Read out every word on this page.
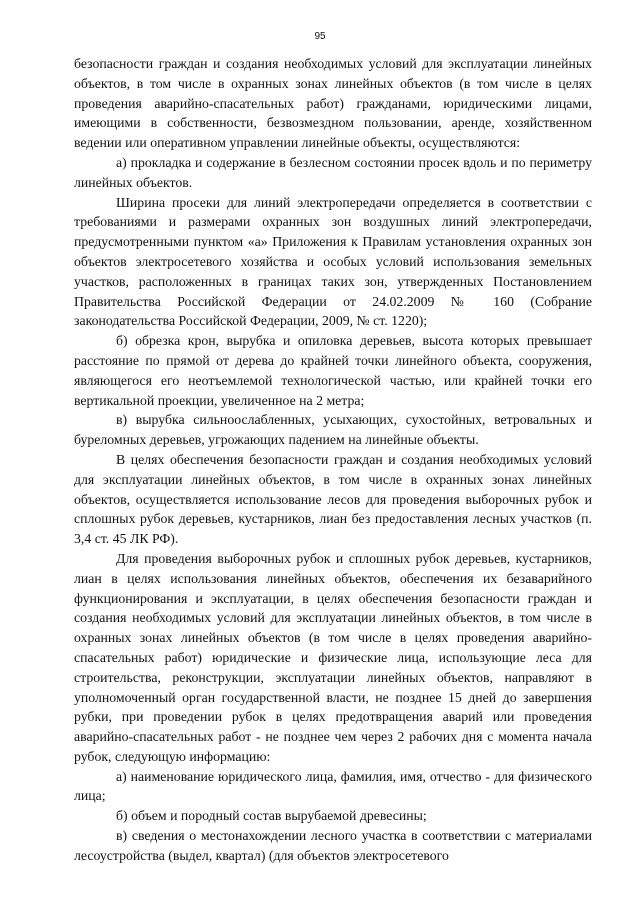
95

безопасности граждан и создания необходимых условий для эксплуатации линейных объектов, в том числе в охранных зонах линейных объектов (в том числе в целях проведения аварийно-спасательных работ) гражданами, юридическими лицами, имеющими в собственности, безвозмездном пользовании, аренде, хозяйственном ведении или оперативном управлении линейные объекты, осуществляются:

а) прокладка и содержание в безлесном состоянии просек вдоль и по периметру линейных объектов.

Ширина просеки для линий электропередачи определяется в соответствии с требованиями и размерами охранных зон воздушных линий электропередачи, предусмотренными пунктом «а» Приложения к Правилам установления охранных зон объектов электросетевого хозяйства и особых условий использования земельных участков, расположенных в границах таких зон, утвержденных Постановлением Правительства Российской Федерации от 24.02.2009 № 160 (Собрание законодательства Российской Федерации, 2009, № ст. 1220);

б) обрезка крон, вырубка и опиловка деревьев, высота которых превышает расстояние по прямой от дерева до крайней точки линейного объекта, сооружения, являющегося его неотъемлемой технологической частью, или крайней точки его вертикальной проекции, увеличенное на 2 метра;

в) вырубка сильноослабленных, усыхающих, сухостойных, ветровальных и буреломных деревьев, угрожающих падением на линейные объекты.

В целях обеспечения безопасности граждан и создания необходимых условий для эксплуатации линейных объектов, в том числе в охранных зонах линейных объектов, осуществляется использование лесов для проведения выборочных рубок и сплошных рубок деревьев, кустарников, лиан без предоставления лесных участков (п. 3,4 ст. 45 ЛК РФ).

Для проведения выборочных рубок и сплошных рубок деревьев, кустарников, лиан в целях использования линейных объектов, обеспечения их безаварийного функционирования и эксплуатации, в целях обеспечения безопасности граждан и создания необходимых условий для эксплуатации линейных объектов, в том числе в охранных зонах линейных объектов (в том числе в целях проведения аварийно-спасательных работ) юридические и физические лица, использующие леса для строительства, реконструкции, эксплуатации линейных объектов, направляют в уполномоченный орган государственной власти, не позднее 15 дней до завершения рубки, при проведении рубок в целях предотвращения аварий или проведения аварийно-спасательных работ - не позднее чем через 2 рабочих дня с момента начала рубок, следующую информацию:

а) наименование юридического лица, фамилия, имя, отчество - для физического лица;

б) объем и породный состав вырубаемой древесины;

в) сведения о местонахождении лесного участка в соответствии с материалами лесоустройства (выдел, квартал) (для объектов электросетевого
